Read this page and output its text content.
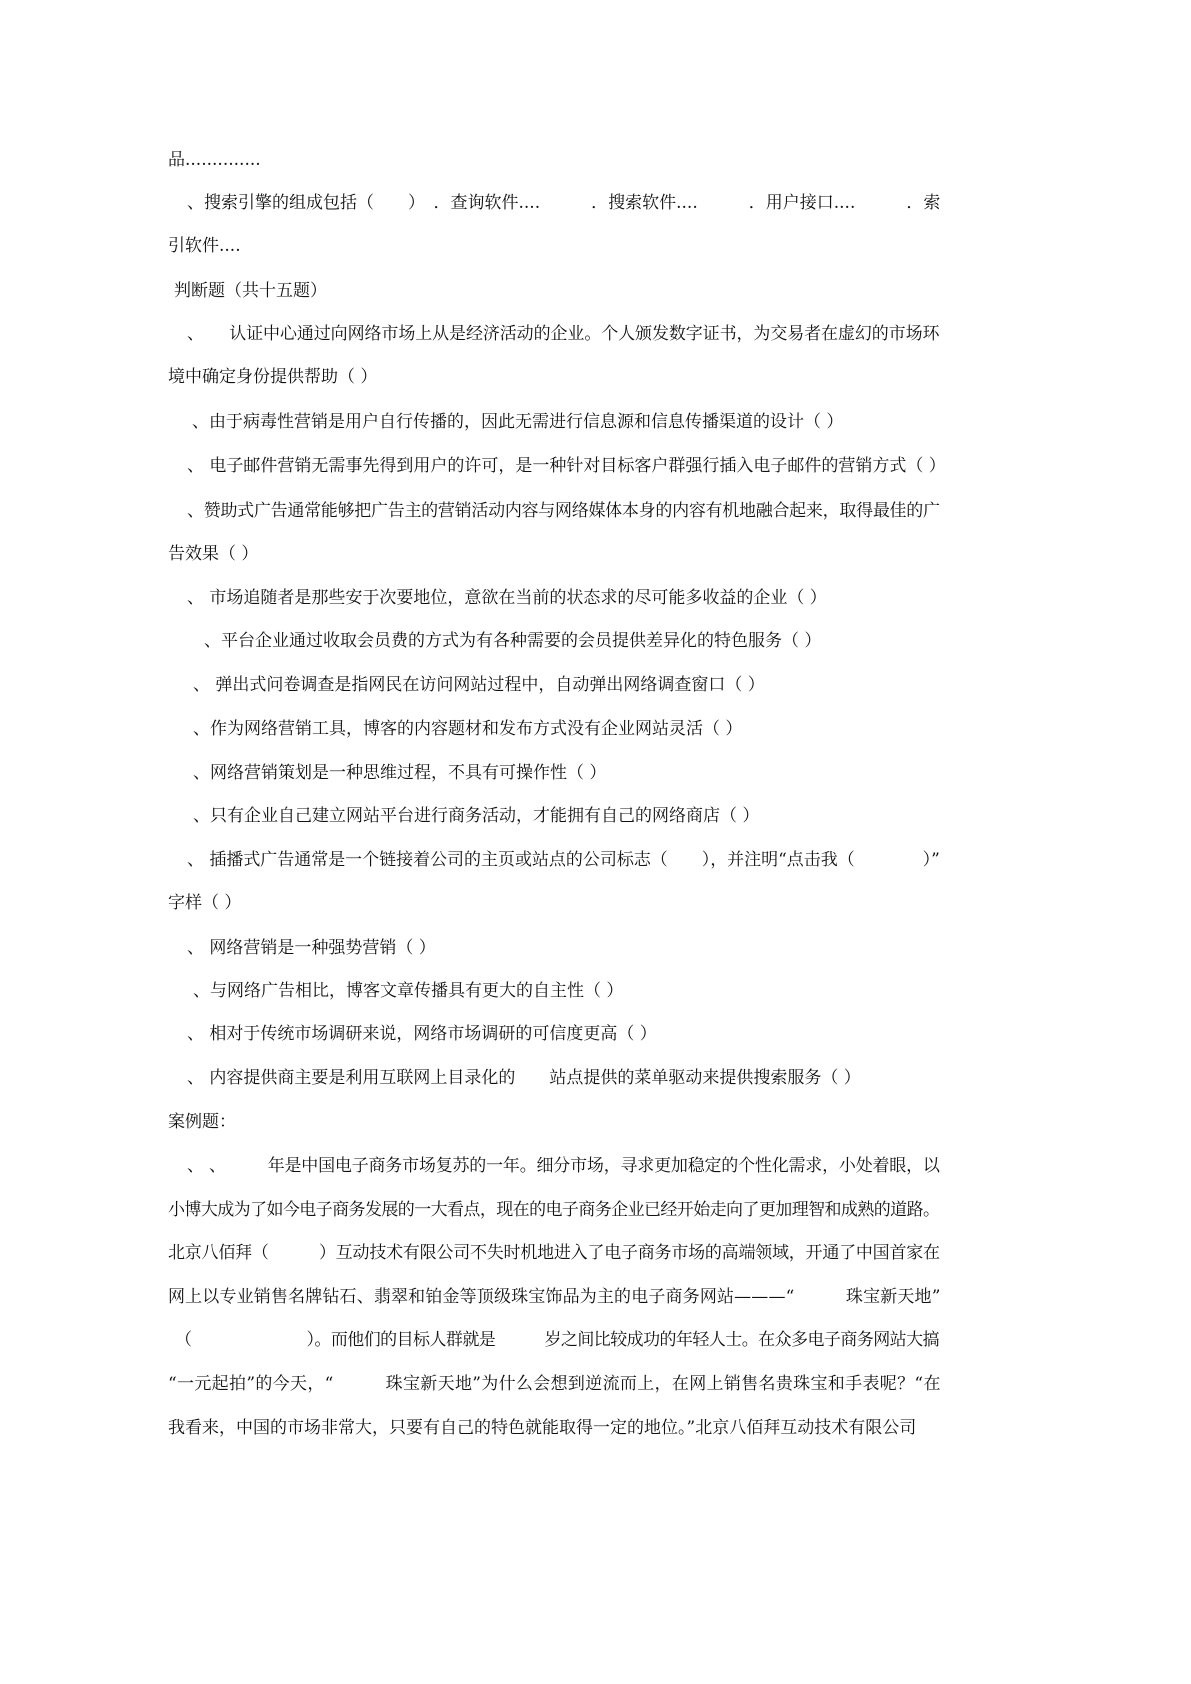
品..............
、搜索引擎的组成包括（　　）　．查询软件....　　　．搜索软件....　　　．用户接口....　　　．索
引软件....
判断题（共十五题）
、　　认证中心通过向网络市场上从是经济活动的企业。个人颁发数字证书，为交易者在虚幻的市场环
境中确定身份提供帮助（ ）
、由于病毒性营销是用户自行传播的，因此无需进行信息源和信息传播渠道的设计（ ）
、 电子邮件营销无需事先得到用户的许可，是一种针对目标客户群强行插入电子邮件的营销方式（ ）
、赞助式广告通常能够把广告主的营销活动内容与网络媒体本身的内容有机地融合起来，取得最佳的广
告效果（ ）
、 市场追随者是那些安于次要地位，意欲在当前的状态求的尽可能多收益的企业（ ）
、平台企业通过收取会员费的方式为有各种需要的会员提供差异化的特色服务（ ）
、 弹出式问卷调查是指网民在访问网站过程中，自动弹出网络调查窗口（ ）
、作为网络营销工具，博客的内容题材和发布方式没有企业网站灵活（ ）
、网络营销策划是一种思维过程，不具有可操作性（ ）
、只有企业自己建立网站平台进行商务活动，才能拥有自己的网络商店（ ）
、 插播式广告通常是一个链接着公司的主页或站点的公司标志（　　），并注明“点击我（　　　　）”
字样（ ）
、 网络营销是一种强势营销（ ）
、与网络广告相比，博客文章传播具有更大的自主性（ ）
、 相对于传统市场调研来说，网络市场调研的可信度更高（ ）
、 内容提供商主要是利用互联网上目录化的　　站点提供的菜单驱动来提供搜索服务（ ）
案例题：
、 、　　　年是中国电子商务市场复苏的一年。细分市场，寻求更加稳定的个性化需求，小处着眼，以
小博大成为了如今电子商务发展的一大看点，现在的电子商务企业已经开始走向了更加理智和成熟的道路。
北京八佰拜（　　　）互动技术有限公司不失时机地进入了电子商务市场的高端领域，开通了中国首家在
网上以专业销售名牌钻石、翡翠和铂金等顶级珠宝饰品为主的电子商务网站———“　　　珠宝新天地”
（　　　　　　　）。而他们的目标人群就是　　　岁之间比较成功的年轻人士。在众多电子商务网站大搞
“一元起拍”的今天，“　　　珠宝新天地”为什么会想到逆流而上，在网上销售名贵珠宝和手表呢？“在
我看来，中国的市场非常大，只要有自己的特色就能取得一定的地位。”北京八佰拜互动技术有限公司
